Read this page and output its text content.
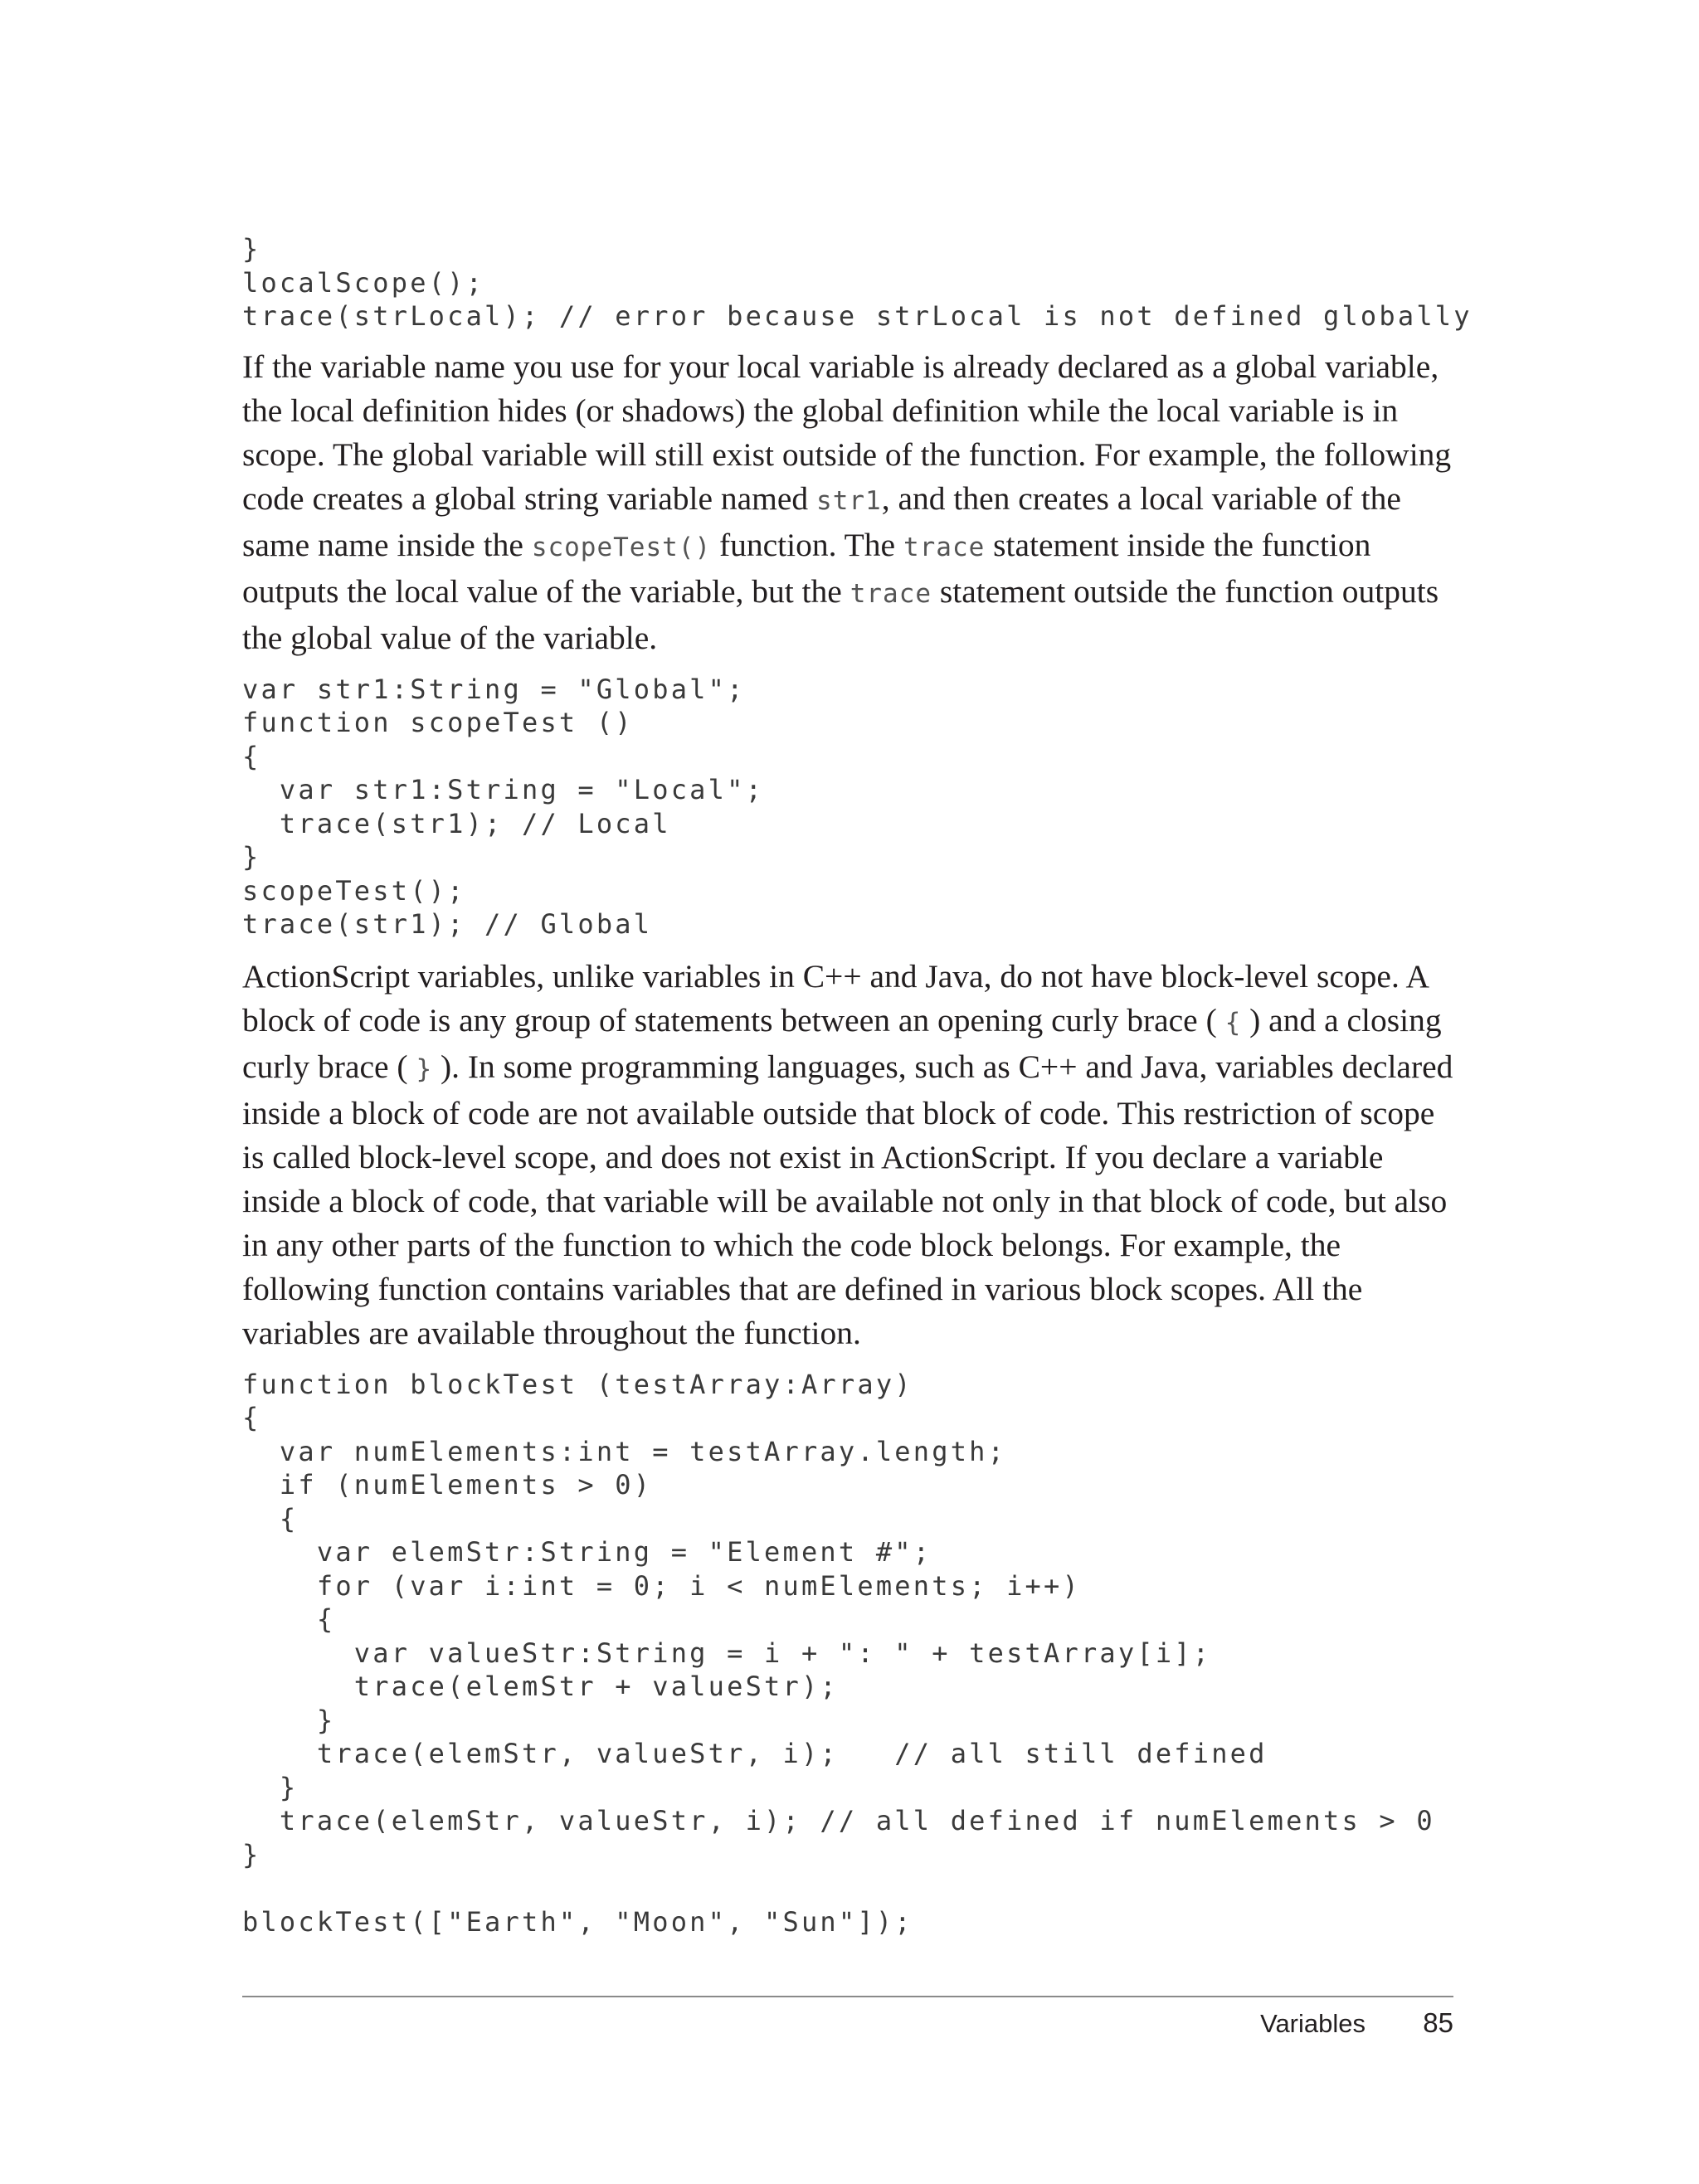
}
localScope();
trace(strLocal); // error because strLocal is not defined globally

If the variable name you use for your local variable is already declared as a global variable, the local definition hides (or shadows) the global definition while the local variable is in scope. The global variable will still exist outside of the function. For example, the following code creates a global string variable named str1, and then creates a local variable of the same name inside the scopeTest() function. The trace statement inside the function outputs the local value of the variable, but the trace statement outside the function outputs the global value of the variable.

var str1:String = "Global";
function scopeTest ()
{
var str1:String = "Local";
trace(str1); // Local
}
scopeTest();
trace(str1); // Global

ActionScript variables, unlike variables in C++ and Java, do not have block-level scope. A block of code is any group of statements between an opening curly brace ( { ) and a closing curly brace ( } ). In some programming languages, such as C++ and Java, variables declared inside a block of code are not available outside that block of code. This restriction of scope is called block-level scope, and does not exist in ActionScript. If you declare a variable inside a block of code, that variable will be available not only in that block of code, but also in any other parts of the function to which the code block belongs. For example, the following function contains variables that are defined in various block scopes. All the variables are available throughout the function.

function blockTest (testArray:Array)
{
var numElements:int = testArray.length;
if (numElements > 0)
{
var elemStr:String = "Element #";
for (var i:int = 0; i < numElements; i++)
{
var valueStr:String = i + ": " + testArray[i];
trace(elemStr + valueStr);
}
trace(elemStr, valueStr, i);   // all still defined
}
trace(elemStr, valueStr, i); // all defined if numElements > 0
}

blockTest(["Earth", "Moon", "Sun"]);
Variables 85
